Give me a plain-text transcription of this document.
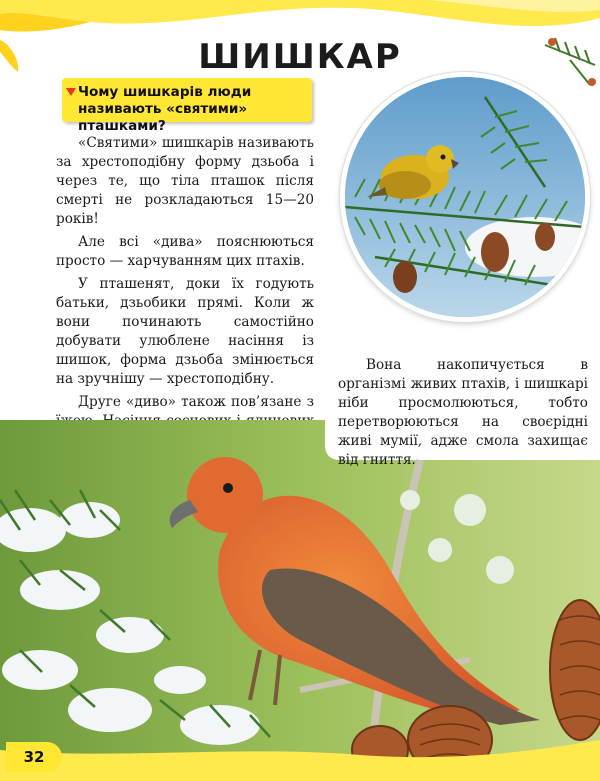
ШИШКАР
Чому шишкарів люди називають «святими» пташками?

«Святими» шишкарів називають за хрестоподібну форму дзьоба і через те, що тіла пташок після смерті не розкладаються 15—20 років!

Але всі «дива» пояснюються просто — харчуванням цих птахів.

У пташенят, доки їх годують батьки, дзьобики прямі. Коли ж вони починають самостійно добувати улюблене насіння із шишок, форма дзьоба змінюється на зручнішу — хрестоподібну.

Друге «диво» також пов’язане з

Вона накопичується в організмі живих птахів, і шишкарі ніби просмолюються, тобто перетворюються на своєрідні живі мумії, адже смола захищає від гниття.

32
